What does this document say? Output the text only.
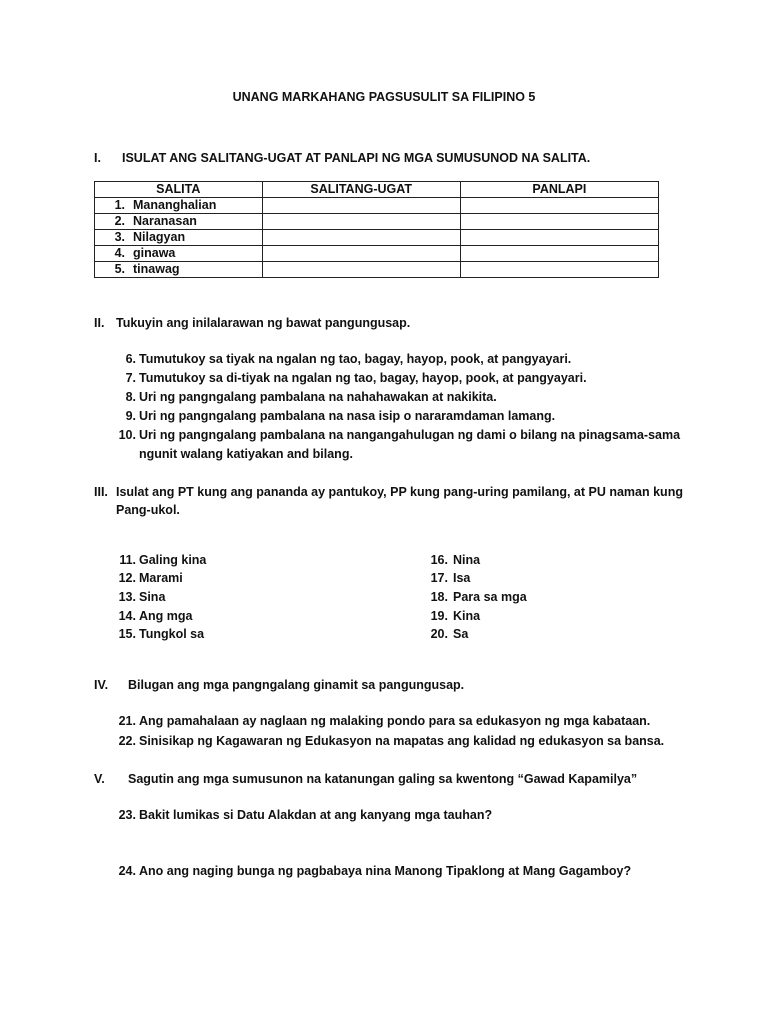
UNANG MARKAHANG PAGSUSULIT SA FILIPINO 5
I. ISULAT ANG SALITANG-UGAT AT PANLAPI NG MGA SUMUSUNOD NA SALITA.
SALITA	SALITANG-UGAT	PANLAPI
1. Mananghalian		
2. Naranasan		
3. Nilagyan		
4. ginawa		
5. tinawag		
II. Tukuyin ang inilalarawan ng bawat pangungusap.
6. Tumutukoy sa tiyak na ngalan ng tao, bagay, hayop, pook, at pangyayari.
7. Tumutukoy sa di-tiyak na ngalan ng tao, bagay, hayop, pook, at pangyayari.
8. Uri ng pangngalang pambalana na nahahawakan at nakikita.
9. Uri ng pangngalang pambalana na nasa isip o nararamdaman lamang.
10. Uri ng pangngalang pambalana na nangangahulugan ng dami o bilang na pinagsama-sama
ngunit walang katiyakan and bilang.
III. Isulat ang PT kung ang pananda ay pantukoy, PP kung pang-uring pamilang, at PU naman kung
Pang-ukol.
11. Galing kina
12. Marami
13. Sina
14. Ang mga
15. Tungkol sa
16. Nina
17. Isa
18. Para sa mga
19. Kina
20. Sa
IV. Bilugan ang mga pangngalang ginamit sa pangungusap.
21. Ang pamahalaan ay naglaan ng malaking pondo para sa edukasyon ng mga kabataan.
22. Sinisikap ng Kagawaran ng Edukasyon na mapatas ang kalidad ng edukasyon sa bansa.
V. Sagutin ang mga sumusunon na katanungan galing sa kwentong “Gawad Kapamilya”
23. Bakit lumikas si Datu Alakdan at ang kanyang mga tauhan?
24. Ano ang naging bunga ng pagbabaya nina Manong Tipaklong at Mang Gagamboy?
